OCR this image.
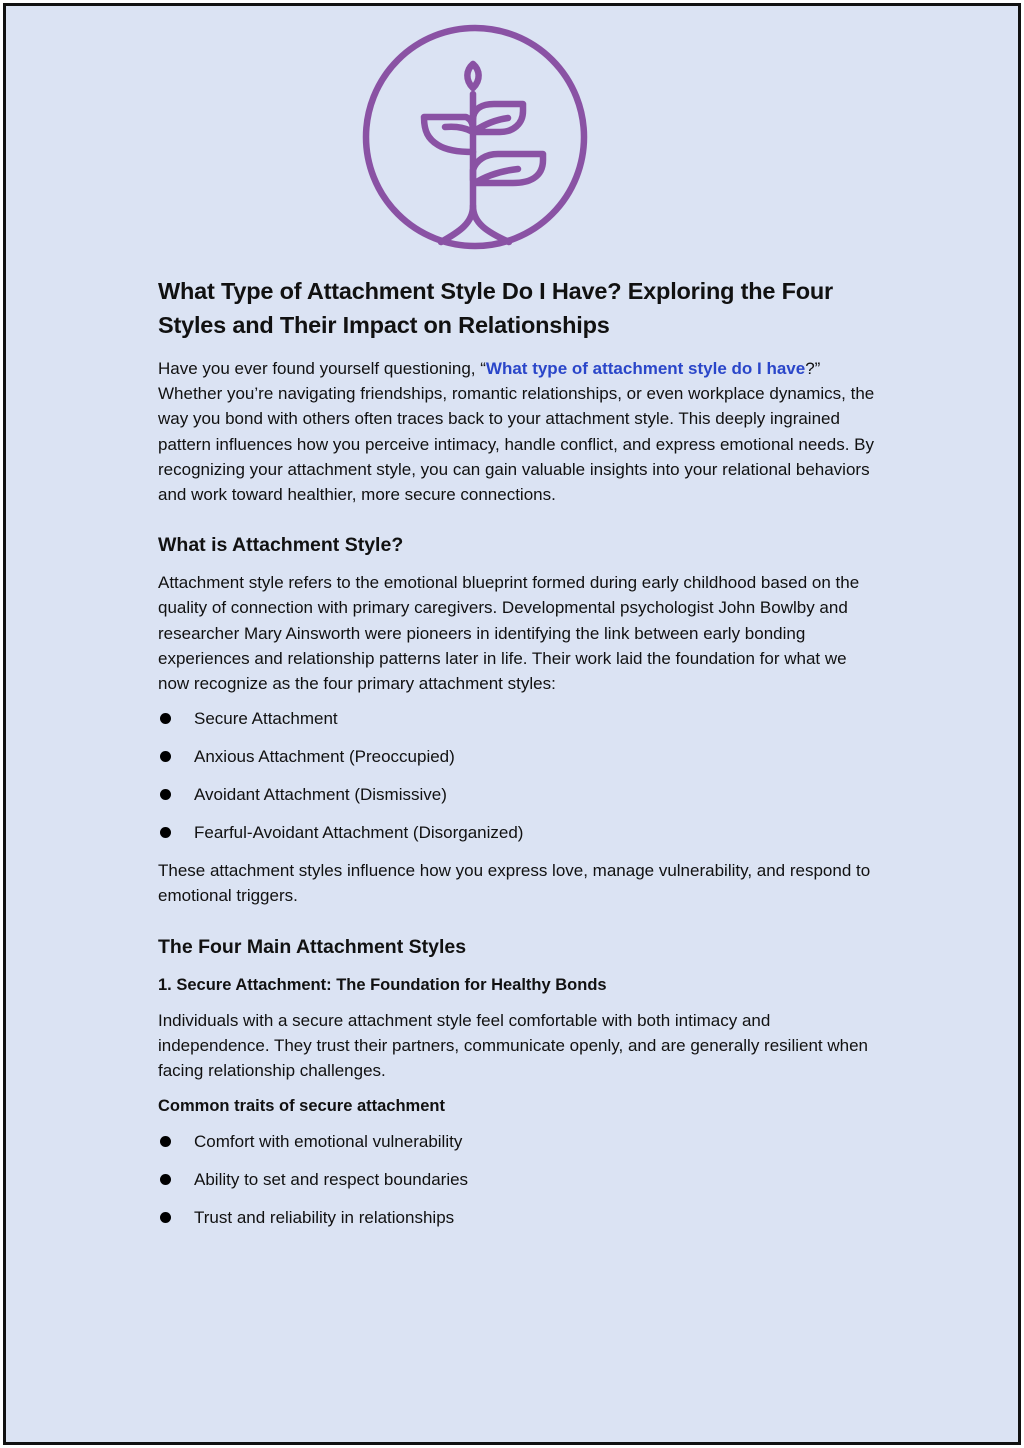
What Type of Attachment Style Do I Have? Exploring the Four Styles and Their Impact on Relationships

Have you ever found yourself questioning, “What type of attachment style do I have?” Whether you’re navigating friendships, romantic relationships, or even workplace dynamics, the way you bond with others often traces back to your attachment style. This deeply ingrained pattern influences how you perceive intimacy, handle conflict, and express emotional needs. By recognizing your attachment style, you can gain valuable insights into your relational behaviors and work toward healthier, more secure connections.

What is Attachment Style?

Attachment style refers to the emotional blueprint formed during early childhood based on the quality of connection with primary caregivers. Developmental psychologist John Bowlby and researcher Mary Ainsworth were pioneers in identifying the link between early bonding experiences and relationship patterns later in life. Their work laid the foundation for what we now recognize as the four primary attachment styles:

Secure Attachment
Anxious Attachment (Preoccupied)
Avoidant Attachment (Dismissive)
Fearful-Avoidant Attachment (Disorganized)

These attachment styles influence how you express love, manage vulnerability, and respond to emotional triggers.

The Four Main Attachment Styles
1. Secure Attachment: The Foundation for Healthy Bonds

Individuals with a secure attachment style feel comfortable with both intimacy and independence. They trust their partners, communicate openly, and are generally resilient when facing relationship challenges.

Common traits of secure attachment
Comfort with emotional vulnerability
Ability to set and respect boundaries
Trust and reliability in relationships
